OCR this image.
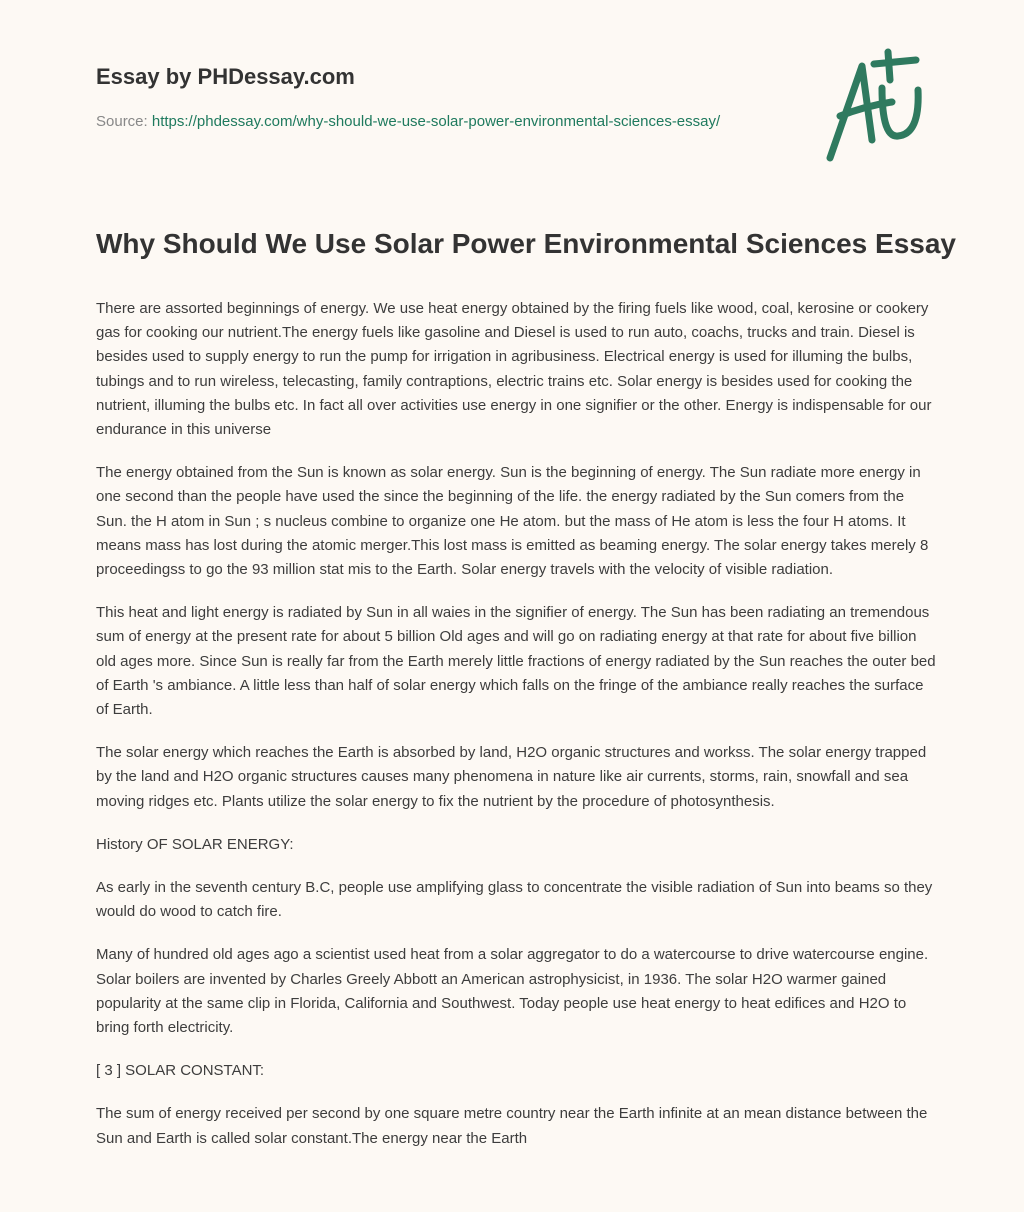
Essay by PHDessay.com

Source: https://phdessay.com/why-should-we-use-solar-power-environmental-sciences-essay/
Why Should We Use Solar Power Environmental Sciences Essay

There are assorted beginnings of energy. We use heat energy obtained by the firing fuels like wood, coal, kerosine or cookery gas for cooking our nutrient.The energy fuels like gasoline and Diesel is used to run auto, coachs, trucks and train. Diesel is besides used to supply energy to run the pump for irrigation in agribusiness. Electrical energy is used for illuming the bulbs, tubings and to run wireless, telecasting, family contraptions, electric trains etc. Solar energy is besides used for cooking the nutrient, illuming the bulbs etc. In fact all over activities use energy in one signifier or the other. Energy is indispensable for our endurance in this universe

The energy obtained from the Sun is known as solar energy. Sun is the beginning of energy. The Sun radiate more energy in one second than the people have used the since the beginning of the life. the energy radiated by the Sun comers from the Sun. the H atom in Sun ; s nucleus combine to organize one He atom. but the mass of He atom is less the four H atoms. It means mass has lost during the atomic merger.This lost mass is emitted as beaming energy. The solar energy takes merely 8 proceedingss to go the 93 million stat mis to the Earth. Solar energy travels with the velocity of visible radiation.

This heat and light energy is radiated by Sun in all waies in the signifier of energy. The Sun has been radiating an tremendous sum of energy at the present rate for about 5 billion Old ages and will go on radiating energy at that rate for about five billion old ages more. Since Sun is really far from the Earth merely little fractions of energy radiated by the Sun reaches the outer bed of Earth 's ambiance. A little less than half of solar energy which falls on the fringe of the ambiance really reaches the surface of Earth.

The solar energy which reaches the Earth is absorbed by land, H2O organic structures and workss. The solar energy trapped by the land and H2O organic structures causes many phenomena in nature like air currents, storms, rain, snowfall and sea moving ridges etc. Plants utilize the solar energy to fix the nutrient by the procedure of photosynthesis.

History OF SOLAR ENERGY:

As early in the seventh century B.C, people use amplifying glass to concentrate the visible radiation of Sun into beams so they would do wood to catch fire.

Many of hundred old ages ago a scientist used heat from a solar aggregator to do a watercourse to drive watercourse engine. Solar boilers are invented by Charles Greely Abbott an American astrophysicist, in 1936. The solar H2O warmer gained popularity at the same clip in Florida, California and Southwest. Today people use heat energy to heat edifices and H2O to bring forth electricity.

[ 3 ] SOLAR CONSTANT:

The sum of energy received per second by one square metre country near the Earth infinite at an mean distance between the Sun and Earth is called solar constant.The energy near the Earth
